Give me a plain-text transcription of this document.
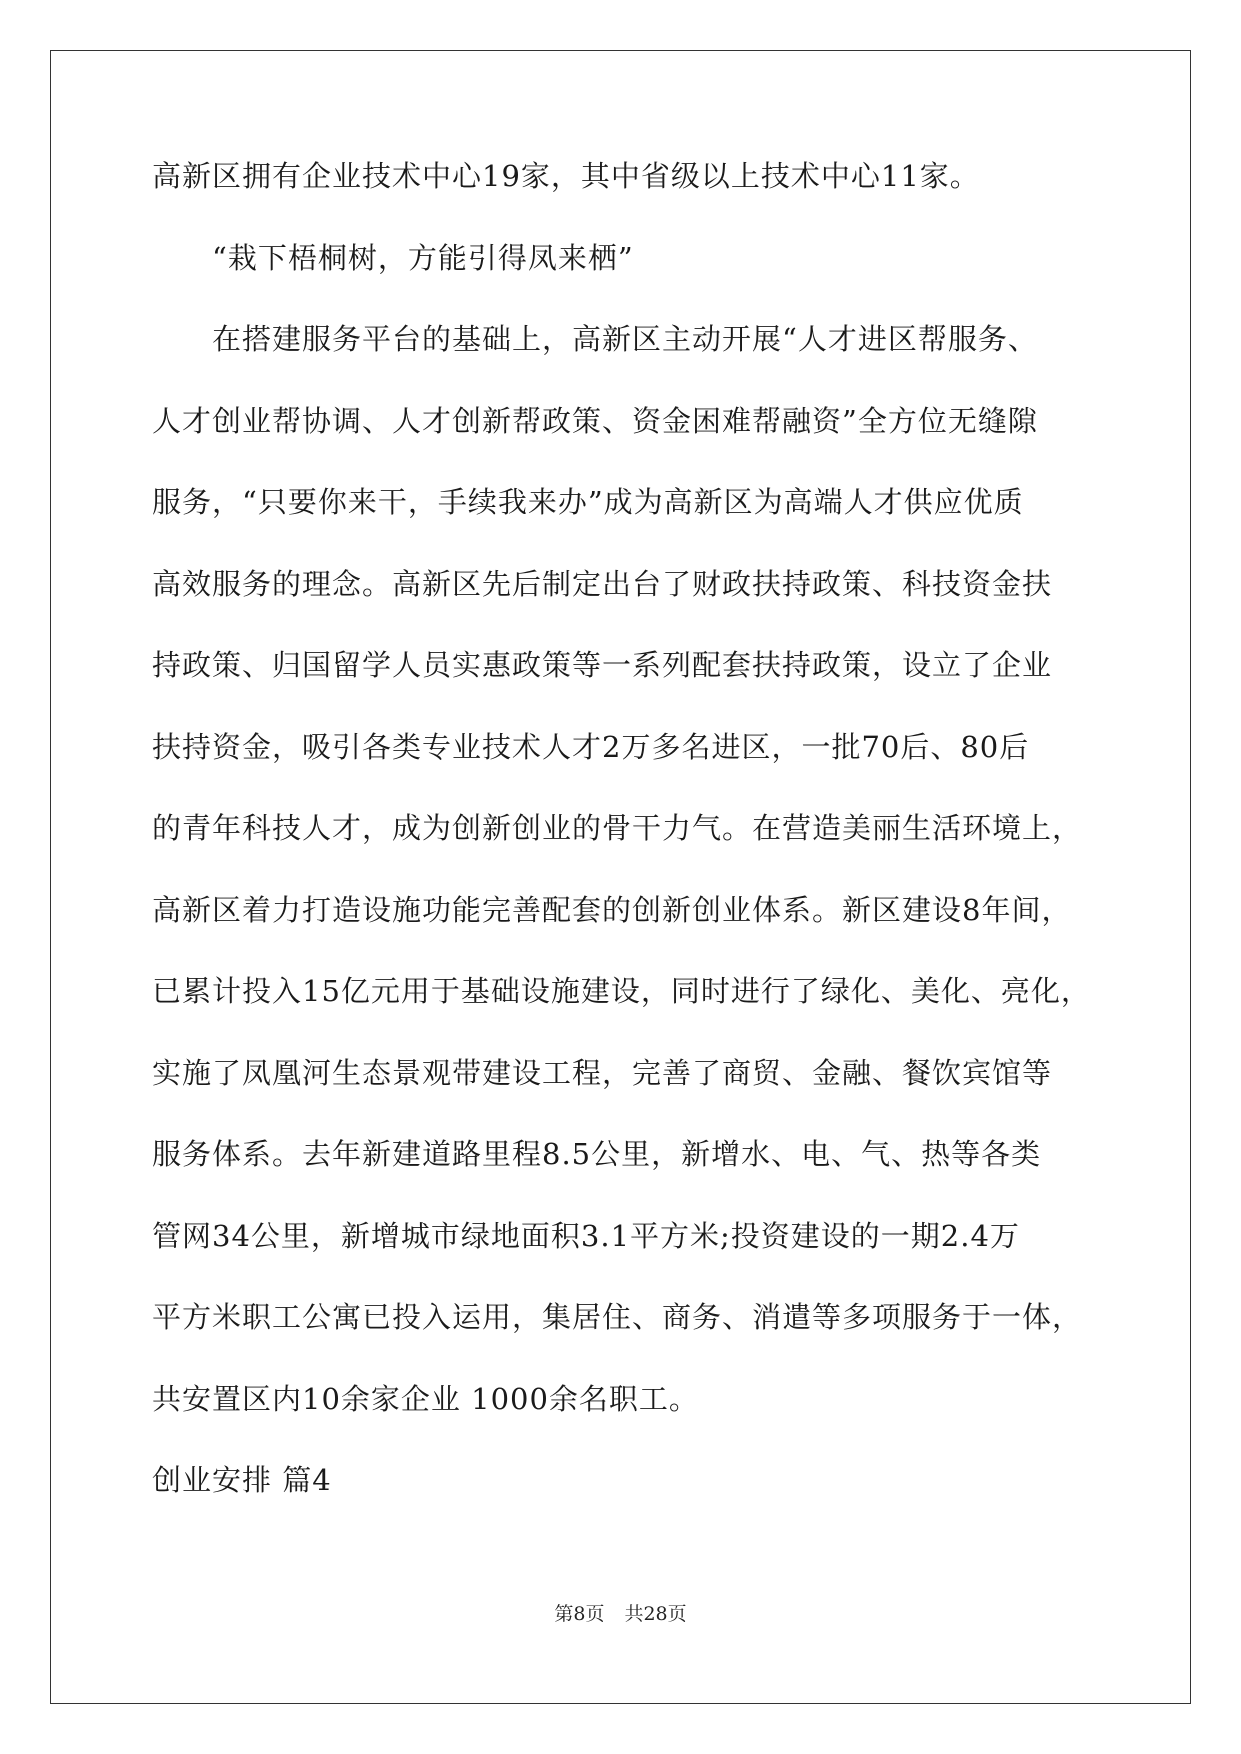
高新区拥有企业技术中心19家，其中省级以上技术中心11家。
“栽下梧桐树，方能引得凤来栖”
在搭建服务平台的基础上，高新区主动开展“人才进区帮服务、
人才创业帮协调、人才创新帮政策、资金困难帮融资”全方位无缝隙
服务，“只要你来干，手续我来办”成为高新区为高端人才供应优质
高效服务的理念。高新区先后制定出台了财政扶持政策、科技资金扶
持政策、归国留学人员实惠政策等一系列配套扶持政策，设立了企业
扶持资金，吸引各类专业技术人才2万多名进区，一批70后、80后
的青年科技人才，成为创新创业的骨干力气。在营造美丽生活环境上，
高新区着力打造设施功能完善配套的创新创业体系。新区建设8年间，
已累计投入15亿元用于基础设施建设，同时进行了绿化、美化、亮化，
实施了凤凰河生态景观带建设工程，完善了商贸、金融、餐饮宾馆等
服务体系。去年新建道路里程8.5公里，新增水、电、气、热等各类
管网34公里，新增城市绿地面积3.1平方米;投资建设的一期2.4万
平方米职工公寓已投入运用，集居住、商务、消遣等多项服务于一体，
共安置区内10余家企业 1000余名职工。
创业安排 篇4
第8页 共28页
